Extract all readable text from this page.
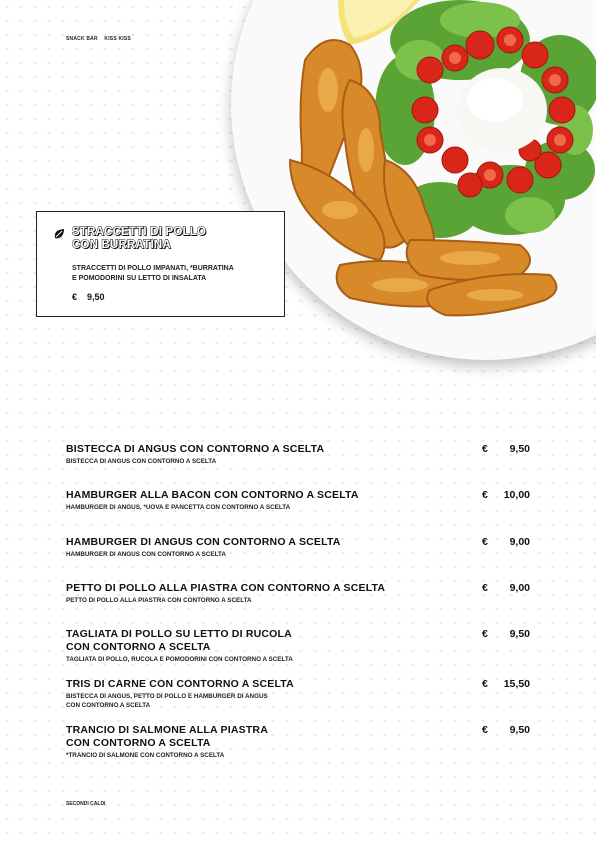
SNACK BAR KISS KISS
STRACCETTI DI POLLO
CON BURRATINA
STRACCETTI DI POLLO IMPANATI, *BURRATINA
E POMODORINI SU LETTO DI INSALATA
€ 9,50
BISTECCA DI ANGUS CON CONTORNO A SCELTA
BISTECCA DI ANGUS CON CONTORNO A SCELTA
€ 9,50
HAMBURGER ALLA BACON CON CONTORNO A SCELTA
HAMBURGER DI ANGUS, *UOVA E PANCETTA CON CONTORNO A SCELTA
€ 10,00
HAMBURGER DI ANGUS CON CONTORNO A SCELTA
HAMBURGER DI ANGUS CON CONTORNO A SCELTA
€ 9,00
PETTO DI POLLO ALLA PIASTRA CON CONTORNO A SCELTA
PETTO DI POLLO ALLA PIASTRA CON CONTORNO A SCELTA
€ 9,00
TAGLIATA DI POLLO SU LETTO DI RUCOLA
CON CONTORNO A SCELTA
TAGLIATA DI POLLO, RUCOLA E POMODORINI CON CONTORNO A SCELTA
€ 9,50
TRIS DI CARNE CON CONTORNO A SCELTA
BISTECCA DI ANGUS, PETTO DI POLLO E HAMBURGER DI ANGUS
CON CONTORNO A SCELTA
€ 15,50
TRANCIO DI SALMONE ALLA PIASTRA
CON CONTORNO A SCELTA
*TRANCIO DI SALMONE CON CONTORNO A SCELTA
€ 9,50
SECONDI CALDI
